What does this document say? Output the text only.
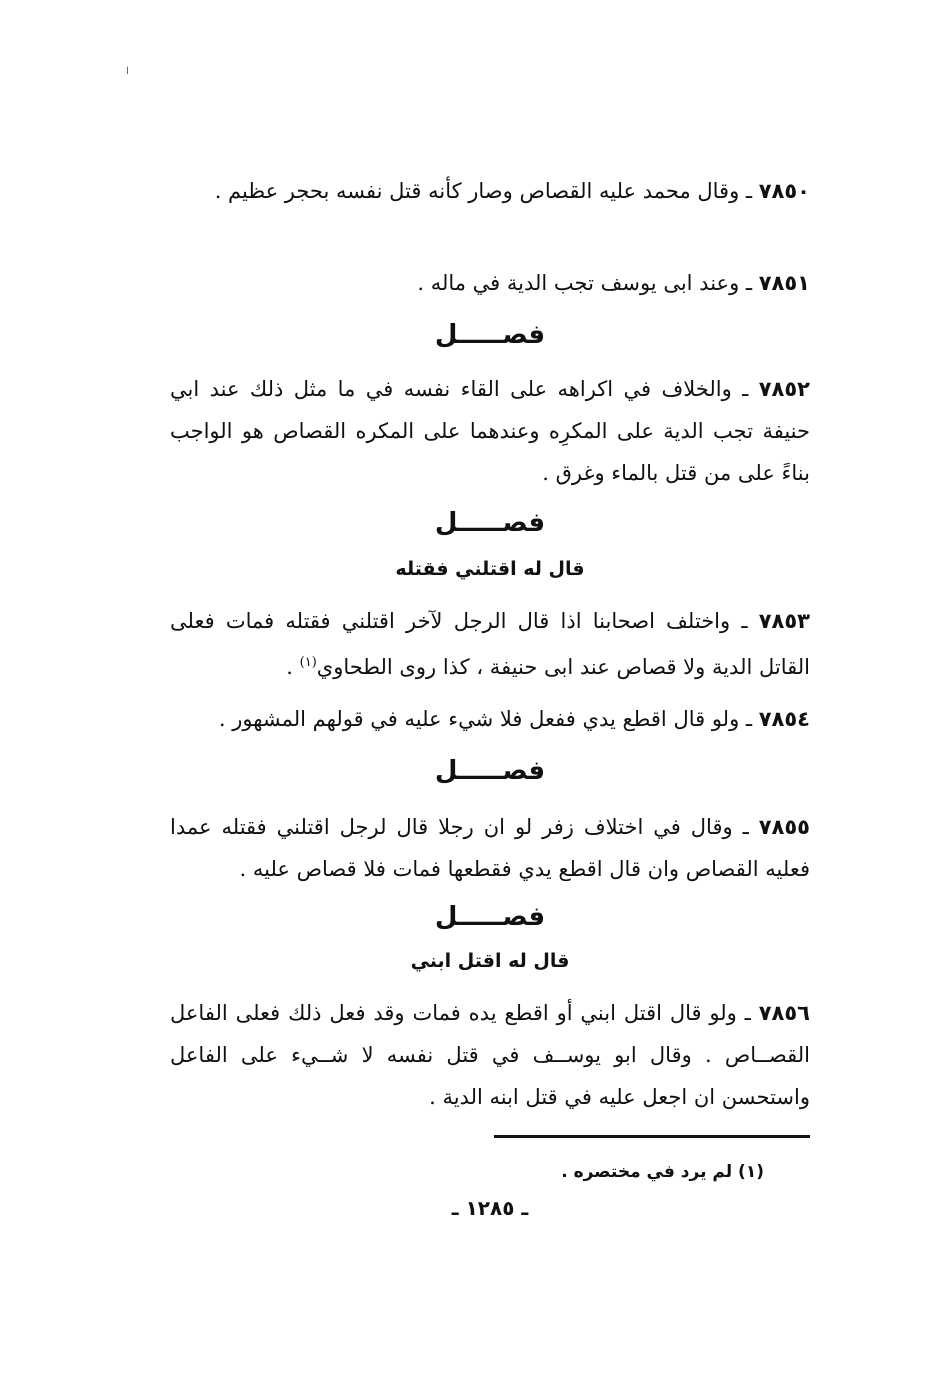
ا
٧٨٥٠ ـ وقال محمد عليه القصاص وصار كأنه قتل نفسه بحجر عظيم .
٧٨٥١ ـ وعند ابى يوسف تجب الدية في ماله .
فصـــــل
٧٨٥٢ ـ والخلاف في اكراهه على القاء نفسه في ما مثل ذلك عند ابي حنيفة تجب الدية على المكرِه وعندهما على المكره القصاص هو الواجب بناءً على من قتل بالماء وغرق .
فصـــــل
قال له اقتلني فقتله
٧٨٥٣ ـ واختلف اصحابنا اذا قال الرجل لآخر اقتلني فقتله فمات فعلى القاتل الدية ولا قصاص عند ابى حنيفة ، كذا روى الطحاوي$^{(١)}$ .
٧٨٥٤ ـ ولو قال اقطع يدي ففعل فلا شيء عليه في قولهم المشهور .
فصـــــل
٧٨٥٥ ـ وقال في اختلاف زفر لو ان رجلا قال لرجل اقتلني فقتله عمدا فعليه القصاص وان قال اقطع يدي فقطعها فمات فلا قصاص عليه .
فصـــــل
قال له اقتل ابني
٧٨٥٦ ـ ولو قال اقتل ابني أو اقطع يده فمات وقد فعل ذلك فعلى الفاعل القصــاص . وقال ابو يوســف في قتل نفسه لا شــيء على الفاعل واستحسن ان اجعل عليه في قتل ابنه الدية .
(١) لم يرد في مختصره .
ـ ١٢٨٥ ـ
